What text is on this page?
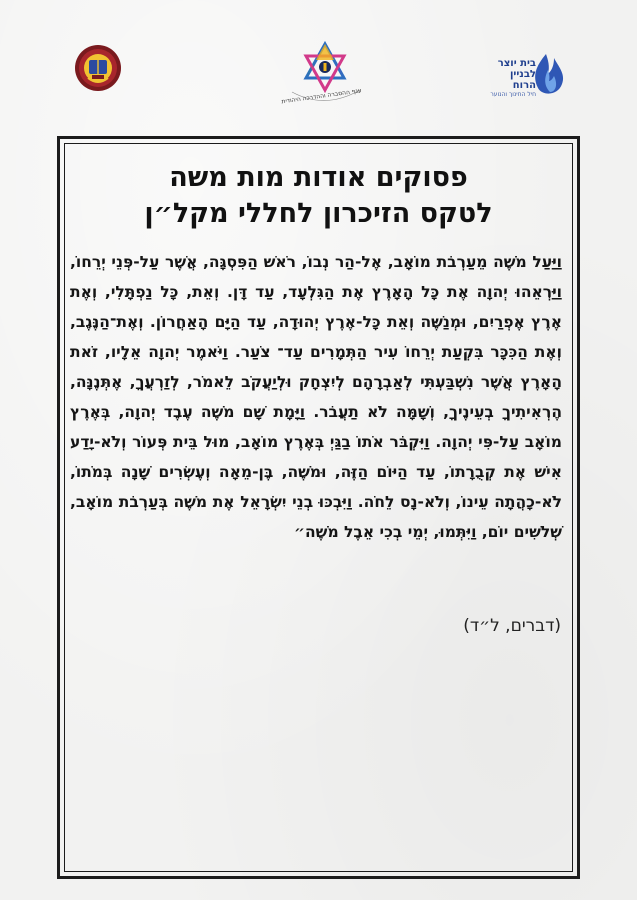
ענף ההסברה וההדרכה היהודית
בית יוצר
לבניין הרוח
חיל החינוך והנוער
פסוקים אודות מות משה
לטקס הזיכרון לחללי מקל״ן
וַיַּעַל מֹשֶׁה מֵעַרְבֹת מוֹאָב, אֶל-הַר נְבוֹ, רֹאשׁ הַפִּסְגָּה, אֲשֶׁר עַל-פְּנֵי יְרֵחוֹ, וַיַּרְאֵהוּ יְהוָה אֶת כָּל הָאָרֶץ אֶת הַגִּלְעָד, עַד דָּן. וְאֵת, כָּל נַפְתָּלִי, וְאֶת אֶרֶץ אֶפְרַיִם, וּמְנַשֶּׁה וְאֵת כָּל-אֶרֶץ יְהוּדָה, עַד הַיָּם הָאַחֲרוֹן. וְאֶת־הַנֶּגֶב, וְאֶת הַכִּכָּר בִּקְעַת יְרֵחוֹ עִיר הַתְּמָרִים עַד־ צֹעַר. וַיֹּאמֶר יְהוָה אֵלָיו, זֹאת הָאָרֶץ אֲשֶׁר נִשְׁבַּעְתִּי לְאַבְרָהָם לְיִצְחָק וּלְיַעֲקֹב לֵאמֹר, לְזַרְעֲךָ, אֶתְּנֶנָּה, הֶרְאִיתִיךָ בְעֵינֶיךָ, וְשָׁמָּה לֹא תַעֲבֹר. וַיָּמָת שָׁם מֹשֶׁה עֶבֶד יְהוָה, בְּאֶרֶץ מוֹאָב עַל-פִּי יְהוָה. וַיִּקְבֹּר אֹתוֹ בַגַּיְ בְּאֶרֶץ מוֹאָב, מוּל בֵּית פְּעוֹר וְלֹא-יָדַע אִישׁ אֶת קְבֻרָתוֹ, עַד הַיּוֹם הַזֶּה, וּמֹשֶׁה, בֶּן-מֵאָה וְעֶשְׂרִים שָׁנָה בְּמֹתוֹ, לֹא-כָהֲתָה עֵינוֹ, וְלֹא-נָס לֵחֹה. וַיִּבְכּוּ בְנֵי יִשְׂרָאֵל אֶת מֹשֶׁה בְּעַרְבֹת מוֹאָב, שְׁלֹשִׁים יוֹם, וַיִּתְּמוּ, יְמֵי בְכִי אֵבֶל מֹשֶׁה״
(דברים, ל״ד)
